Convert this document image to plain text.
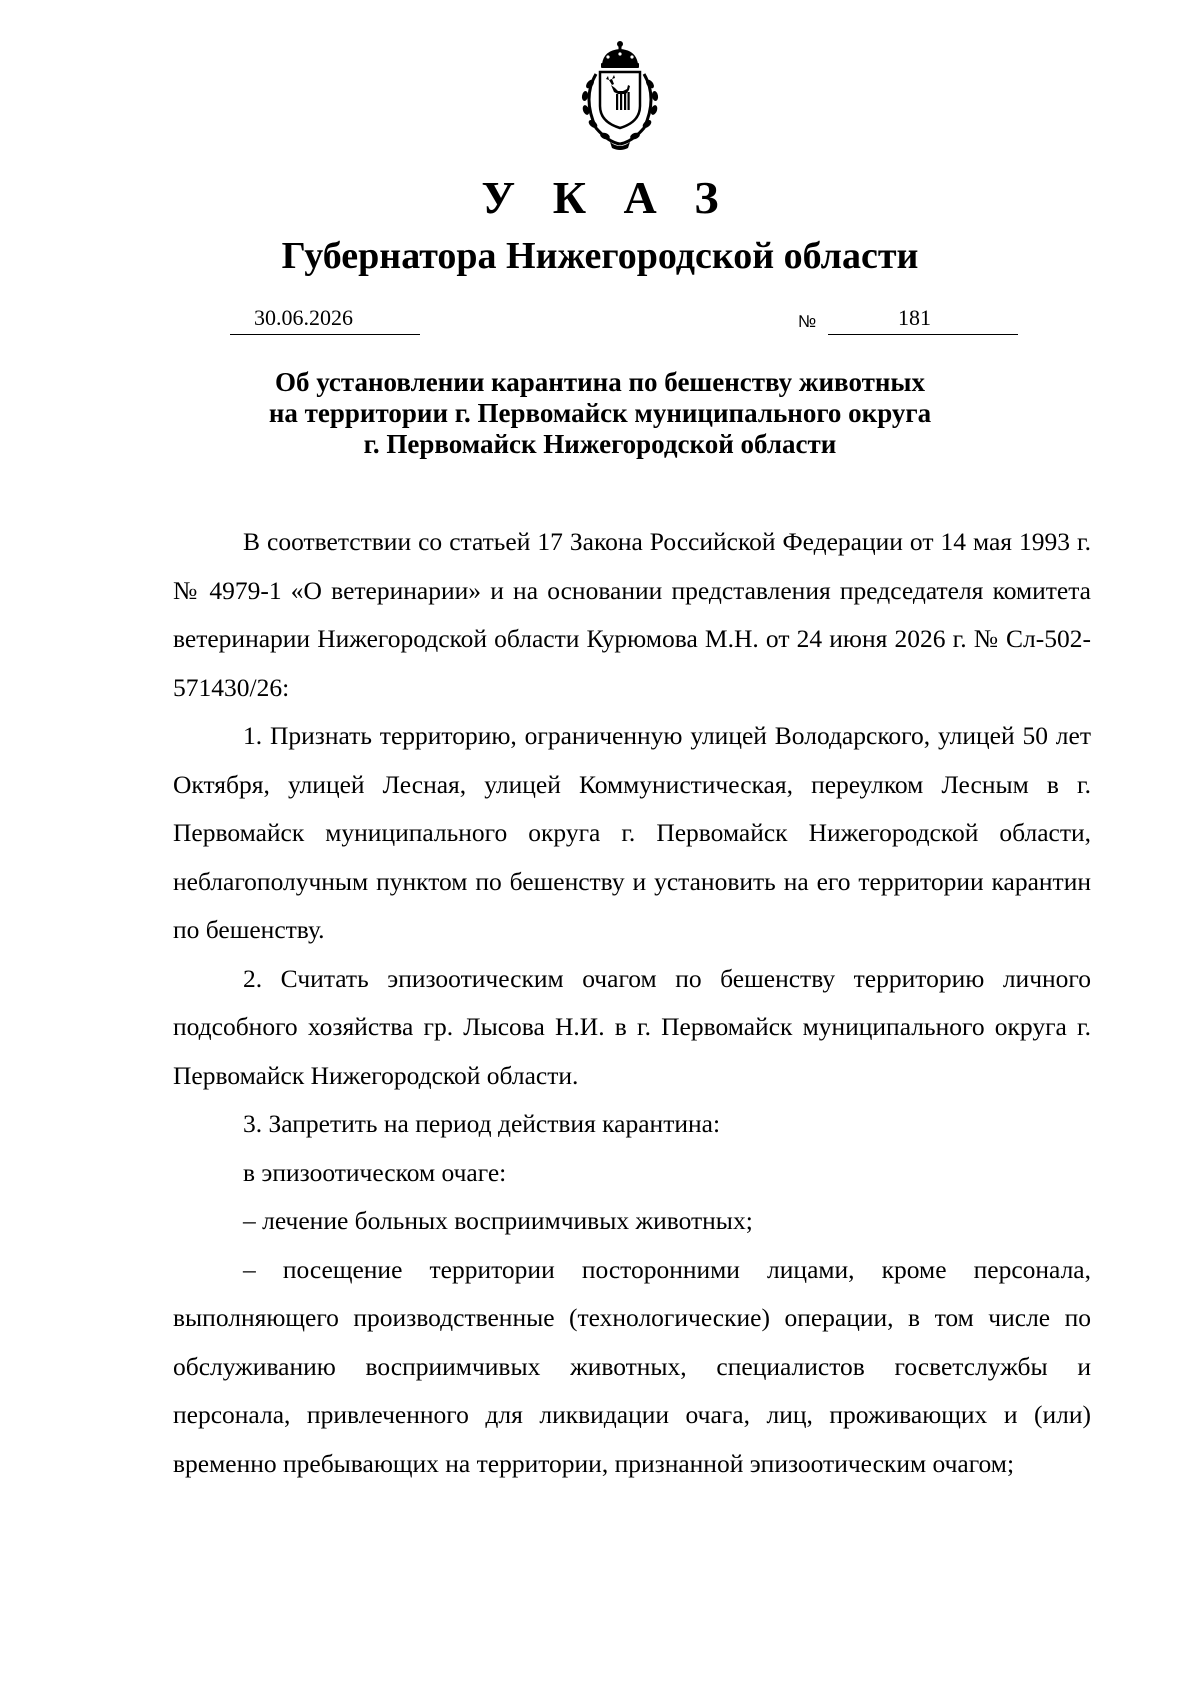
У К А З
Губернатора Нижегородской области
30.06.2026	№	181
Об установлении карантина по бешенству животных
на территории г. Первомайск муниципального округа
г. Первомайск Нижегородской области

В соответствии со статьей 17 Закона Российской Федерации от 14 мая 1993 г. № 4979-1 «О ветеринарии» и на основании представления председателя комитета ветеринарии Нижегородской области Курюмова М.Н. от 24 июня 2026 г. № Сл-502-571430/26:

1. Признать территорию, ограниченную улицей Володарского, улицей 50 лет Октября, улицей Лесная, улицей Коммунистическая, переулком Лесным в г. Первомайск муниципального округа г. Первомайск Нижегородской области, неблагополучным пунктом по бешенству и установить на его территории карантин по бешенству.

2. Считать эпизоотическим очагом по бешенству территорию личного подсобного хозяйства гр. Лысова Н.И. в г. Первомайск муниципального округа г. Первомайск Нижегородской области.

3. Запретить на период действия карантина:

в эпизоотическом очаге:

– лечение больных восприимчивых животных;

– посещение территории посторонними лицами, кроме персонала, выполняющего производственные (технологические) операции, в том числе по обслуживанию восприимчивых животных, специалистов госветслужбы и персонала, привлеченного для ликвидации очага, лиц, проживающих и (или) временно пребывающих на территории, признанной эпизоотическим очагом;
